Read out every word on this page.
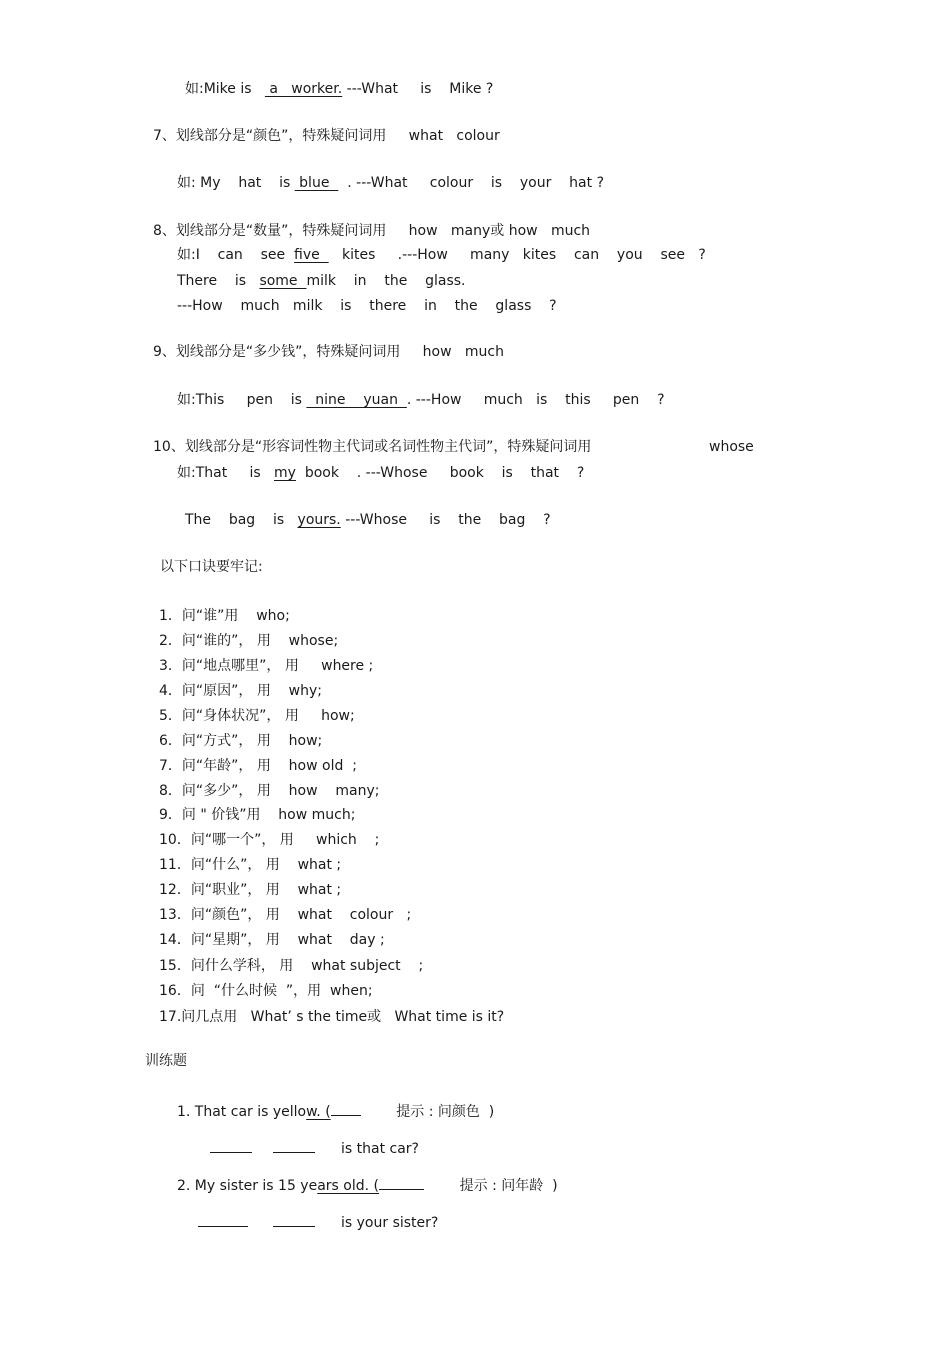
如:Mike is    a   worker. ---What     is    Mike ?
7、划线部分是“颜色”，特殊疑问词用     what   colour
如: My    hat    is  blue    . ---What     colour    is    your    hat ?
8、划线部分是“数量”，特殊疑问词用     how   many或 how   much
如:I    can    see  five     kites     .---How     many   kites    can    you    see   ?
There    is   some  milk    in    the    glass.
---How    much   milk    is    there    in    the    glass    ?
9、划线部分是“多少钱”，特殊疑问词用     how   much
如:This     pen    is   nine    yuan  . ---How     much   is    this     pen    ?
10、划线部分是“形容词性物主代词或名词性物主代词”，特殊疑问词用	whose
如:That     is   my  book    . ---Whose     book    is    that    ?
The    bag    is   yours. ---Whose     is    the    bag    ?
以下口诀要牢记:
1．问“谁”用    who;
2．问“谁的”， 用    whose;
3．问“地点哪里”， 用     where ;
4．问“原因”， 用    why;
5．问“身体状况”， 用     how;
6．问“方式”， 用    how;
7．问“年龄”， 用    how old  ;
8．问“多少”， 用    how    many;
9．问 " 价钱”用    how much;
10．问“哪一个”， 用     which    ;
11．问“什么”， 用    what ;
12．问“职业”， 用    what ;
13．问“颜色”， 用    what    colour   ;
14．问“星期”， 用    what    day ;
15．问什么学科， 用    what subject    ;
16．问  “什么时候  ”，用  when;
17.问几点用   What’ s the time或   What time is it?
训练题
1. That car is yellow. (        提示 : 问颜色  )
is that car?
2. My sister is 15 years old. (	提示 : 问年龄  )
is your sister?
